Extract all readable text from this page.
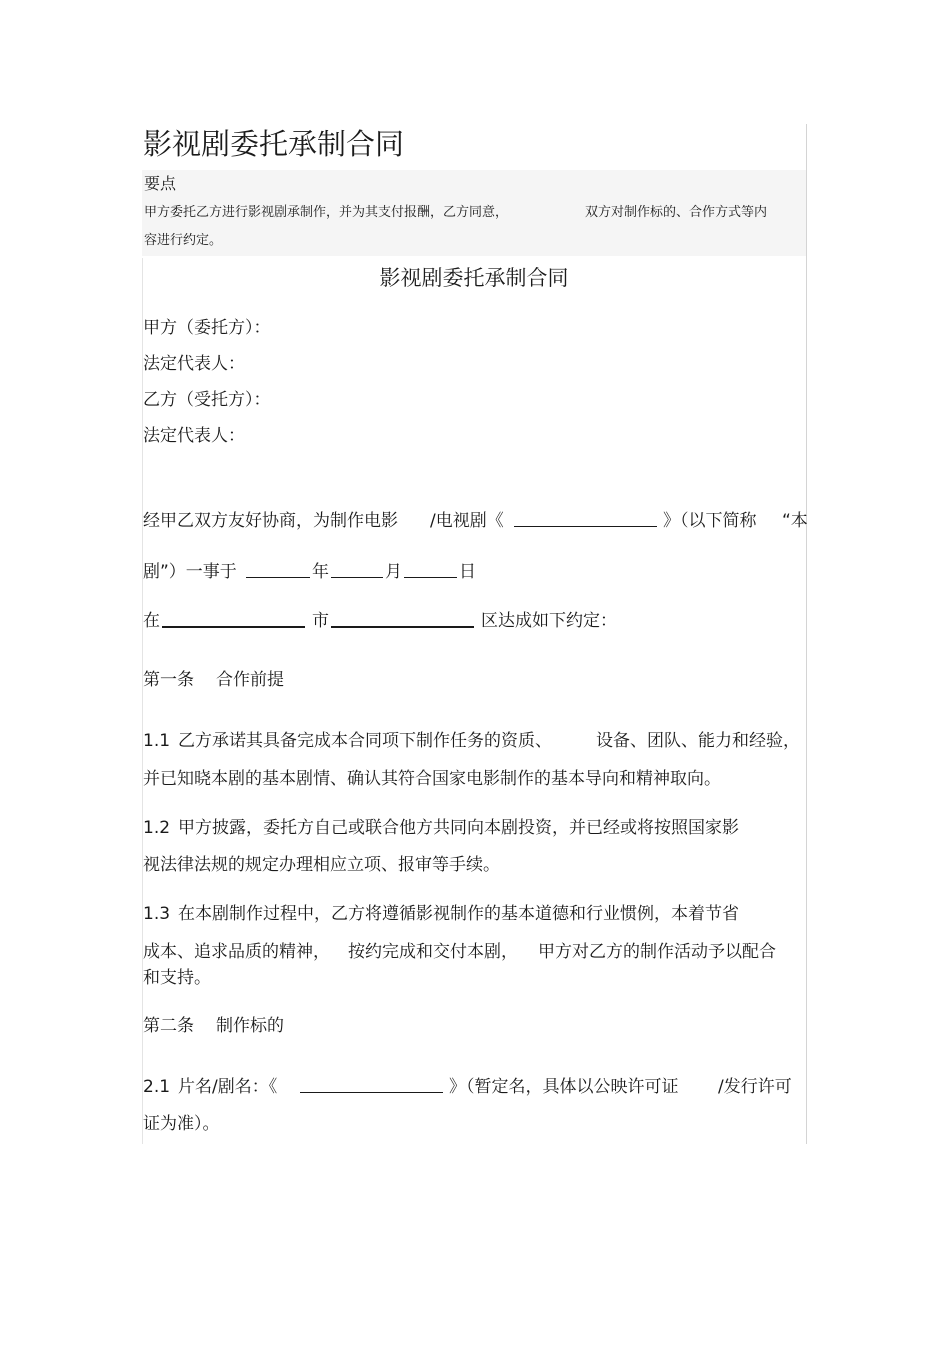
影视剧委托承制合同
要点
甲方委托乙方进行影视剧承制作，并为其支付报酬，乙方同意，	双方对制作标的、合作方式等内
容进行约定。
影视剧委托承制合同
甲方（委托方）：
法定代表人：
乙方（受托方）：
法定代表人：
经甲乙双方友好协商，为制作电影 /电视剧《	》（以下简称 “本
剧”）一事于	年	月	日
在	市	区达成如下约定：
第一条 合作前提
1.1 乙方承诺其具备完成本合同项下制作任务的资质、	设备、团队、能力和经验，
并已知晓本剧的基本剧情、确认其符合国家电影制作的基本导向和精神取向。
1.2 甲方披露，委托方自己或联合他方共同向本剧投资，并已经或将按照国家影
视法律法规的规定办理相应立项、报审等手续。
1.3 在本剧制作过程中，乙方将遵循影视制作的基本道德和行业惯例，本着节省
成本、追求品质的精神， 按约完成和交付本剧， 甲方对乙方的制作活动予以配合
和支持。
第二条 制作标的
2.1 片名/剧名：《	》（暂定名，具体以公映许可证 /发行许可
证为准）。
